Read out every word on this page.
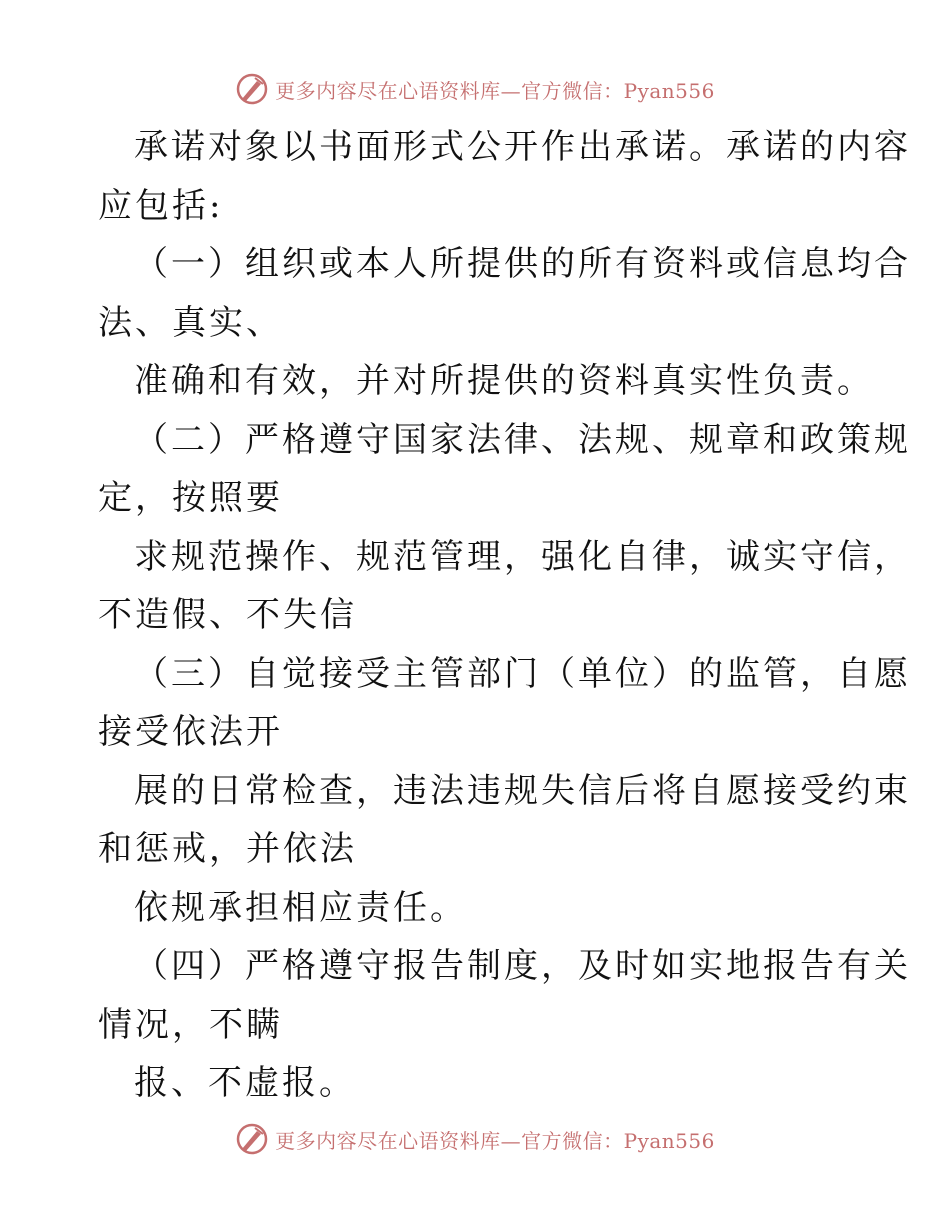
更多内容尽在心语资料库—官方微信：Pyan556
承诺对象以书面形式公开作出承诺。承诺的内容
应包括:
（一）组织或本人所提供的所有资料或信息均合
法、真实、
准确和有效，并对所提供的资料真实性负责。
（二）严格遵守国家法律、法规、规章和政策规
定，按照要
求规范操作、规范管理，强化自律，诚实守信，
不造假、不失信
（三）自觉接受主管部门（单位）的监管，自愿
接受依法开
展的日常检查，违法违规失信后将自愿接受约束
和惩戒，并依法
依规承担相应责任。
（四）严格遵守报告制度，及时如实地报告有关
情况，不瞒
报、不虚报。
更多内容尽在心语资料库—官方微信：Pyan556
